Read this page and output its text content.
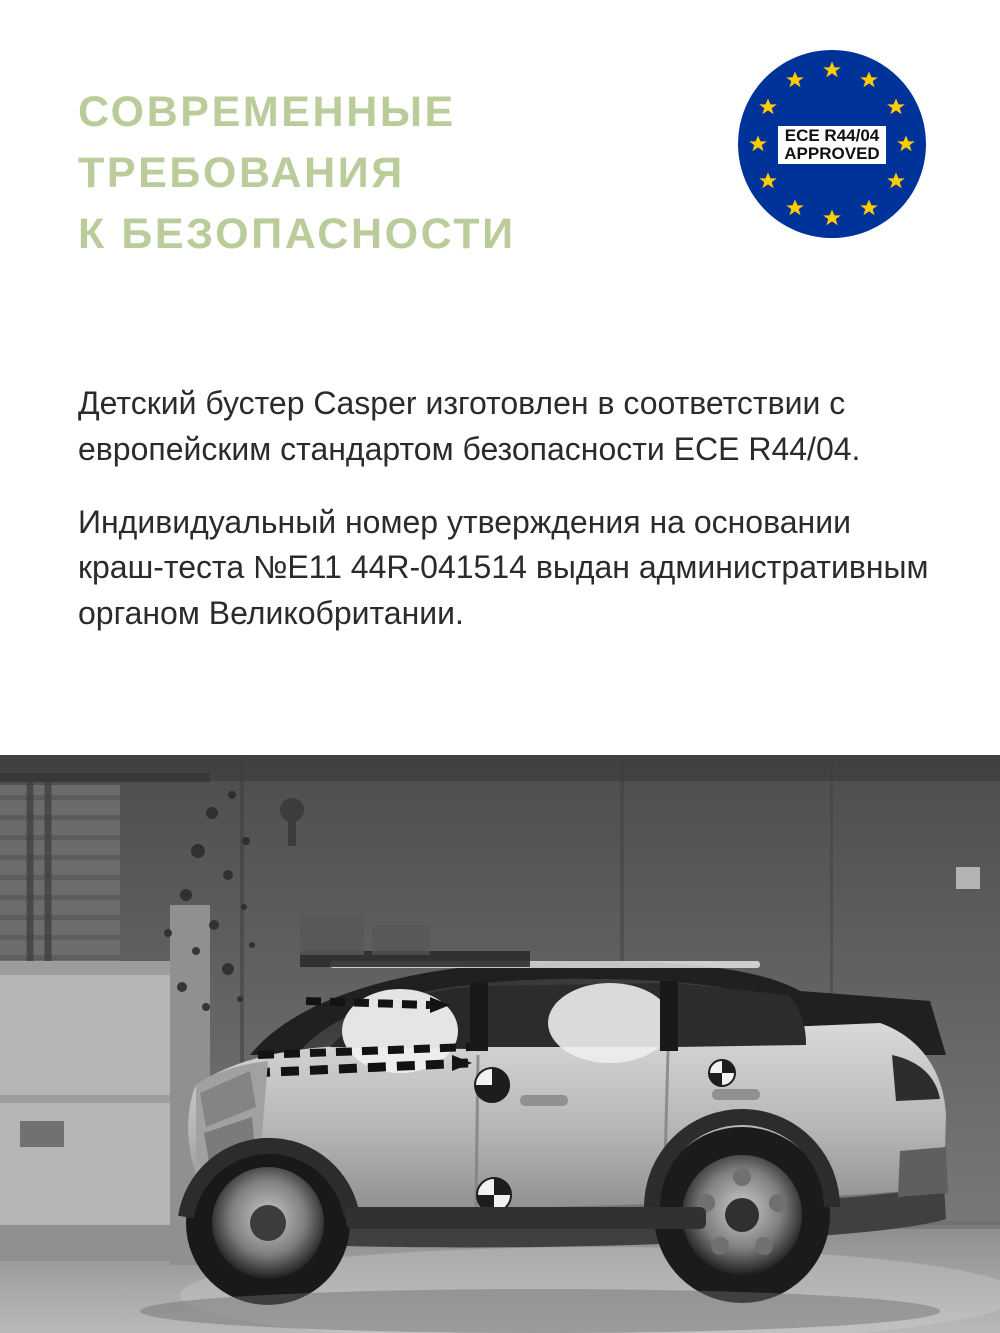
СОВРЕМЕННЫЕ
ТРЕБОВАНИЯ
К БЕЗОПАСНОСТИ
ECE R44/04
APPROVED

Детский бустер Casper изготовлен в соответствии с европейским стандартом безопасности ECE R44/04.

Индивидуальный номер утверждения на основании краш-теста №E11 44R-041514 выдан административным органом Великобритании.
